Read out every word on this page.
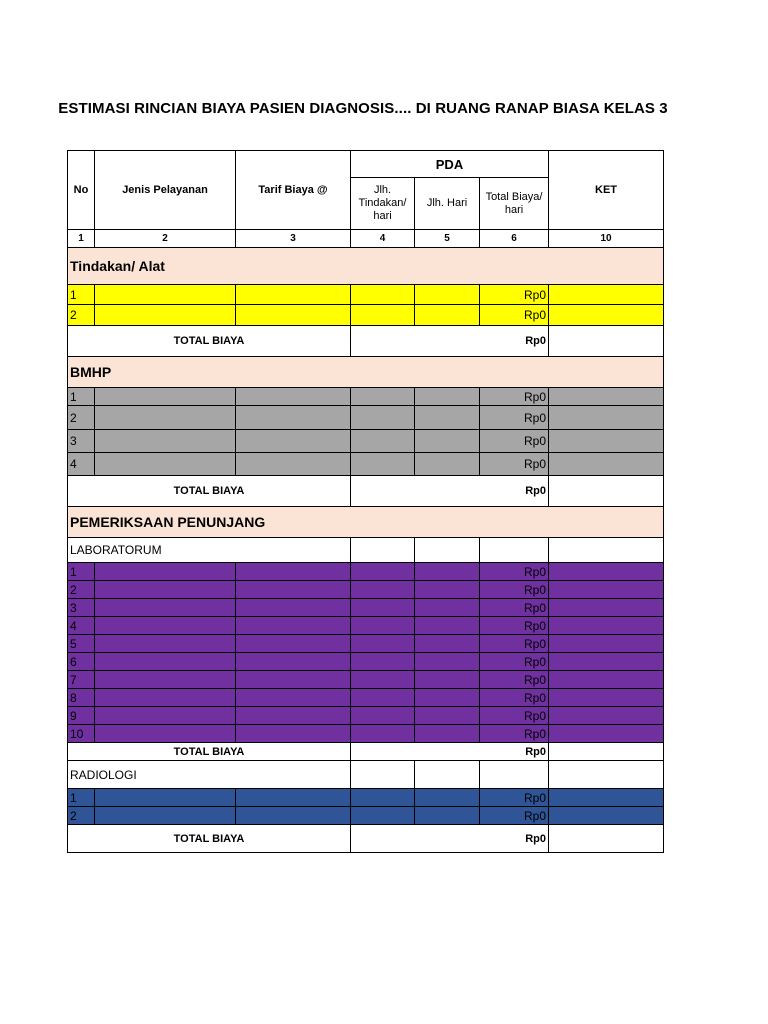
ESTIMASI RINCIAN BIAYA PASIEN DIAGNOSIS.... DI RUANG RANAP BIASA KELAS 3
No	Jenis Pelayanan	Tarif Biaya @	PDA			KET
			Jlh. Tindakan/ hari	Jlh. Hari	Total Biaya/ hari	
1	2	3	4	5	6	10
Tindakan/ Alat						
1					Rp0	
2					Rp0	
TOTAL BIAYA			Rp0			
BMHP						
1					Rp0	
2					Rp0	
3					Rp0	
4					Rp0	
TOTAL BIAYA			Rp0			
PEMERIKSAAN PENUNJANG						
LABORATORUM						
1					Rp0	
2					Rp0	
3					Rp0	
4					Rp0	
5					Rp0	
6					Rp0	
7					Rp0	
8					Rp0	
9					Rp0	
10					Rp0	
TOTAL BIAYA			Rp0			
RADIOLOGI						
1					Rp0	
2					Rp0	
TOTAL BIAYA			Rp0			
